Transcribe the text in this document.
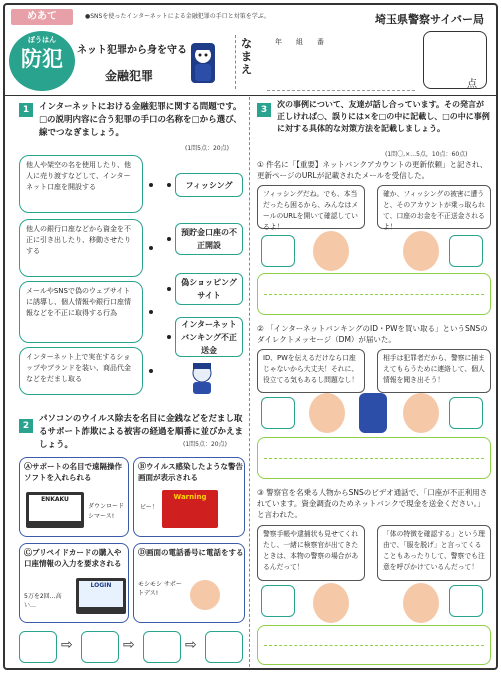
めあて	●SNSを使ったインターネットによる金融犯罪の手口と対策を学ぶ。	埼玉県警察サイバー局
ぼうはん
防犯	ネット犯罪から身を守る
金融犯罪
なまえ
年　　組　　番
点
1	インターネットにおける金融犯罪に関する問題です。□の説明内容に合う犯罪の手口の名称を□から選び、線でつなぎましょう。
(1問5点：20点)
他人や架空の名を使用したり、他人に売り渡すなどして、インターネット口座を開設する
他人の銀行口座などから資金を不正に引き出したり、移動させたりする
メールやSNSで偽のウェブサイトに誘導し、個人情報や銀行口座情報などを不正に取得する行為
インターネット上で実在するショップやブランドを装い、商品代金などをだまし取る
フィッシング
預貯金口座の不正開設
偽ショッピングサイト
インターネットバンキング不正送金
2
パソコンのウイルス除去を名目に金銭などをだまし取るサポート詐欺による被害の経過を順番に並びかえましょう。	(1問5点：20点)
Ⓐサポートの名目で遠隔操作ソフトを入れられる
ENKAKU
ダウンロードシマース!
Ⓑウイルス感染したような警告画面が表示される
Warning
ビー！
Ⓒプリペイドカードの購入や口座情報の入力を要求される
LOGIN
5万を2回…高い…
Ⓓ画面の電話番号に電話をする
モシモシ サポートデス!
⇨	⇨	⇨
3
次の事例について、友達が話し合っています。その発言が正しければ○、誤りには×を□の中に記載し、□の中に事例に対する具体的な対策方法を記載しましょう。
(1問〇,×…5点，10点：60点)
① 件名に「【重要】ネットバンクアカウントの更新依頼」と記され、更新ページのURLが記載されたメールを受信した。
フィッシングだね。でも、本当だったら困るから、みんなはメールのURLを開いて確認しているよ！
確か、フィッシングの被害に遭うと、そのアカウントが乗っ取られて、口座のお金を不正送金されるよ！
② 「インターネットバンキングのID・PWを買い取る」というSNSのダイレクトメッセージ（DM）が届いた。
ID、PWを伝えるだけなら口座じゃないから大丈夫！それに、役立てる気もあるし問題なし！
相手は犯罪者だから、警察に捕まえてもらうために連絡して、個人情報を聞き出そう！
③ 警察官を名乗る人物からSNSのビデオ通話で、「口座が不正利用されています。資金調査のためネットバンクで現金を送金ください。」と言われた。
警察手帳や逮捕状も見せてくれたし、一緒に検察官が出てきたときは、本物の警察の場合があるんだって！
「体の特徴を確認する」という理由で、「服を脱げ」と言ってくることもあったりして、警察でも注意を呼びかけているんだって！
